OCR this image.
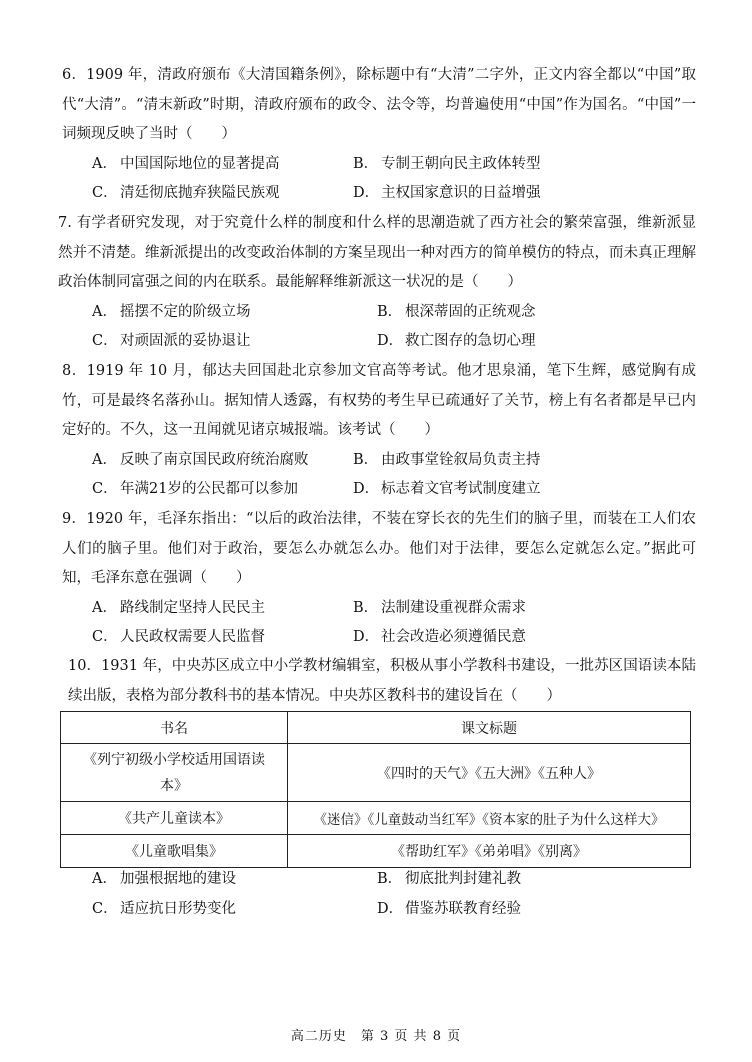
6．1909 年，清政府颁布《大清国籍条例》，除标题中有“大清”二字外，正文内容全都以“中国”取代“大清”。“清末新政”时期，清政府颁布的政令、法令等，均普遍使用“中国”作为国名。“中国”一词频现反映了当时（　　）

A． 中国国际地位的显著提高	B． 专制王朝向民主政体转型
C． 清廷彻底抛弃狭隘民族观	D． 主权国家意识的日益增强

7. 有学者研究发现，对于究竟什么样的制度和什么样的思潮造就了西方社会的繁荣富强，维新派显然并不清楚。维新派提出的改变政治体制的方案呈现出一种对西方的简单模仿的特点，而未真正理解政治体制同富强之间的内在联系。最能解释维新派这一状况的是（　　）

A． 摇摆不定的阶级立场	B． 根深蒂固的正统观念
C． 对顽固派的妥协退让	D． 救亡图存的急切心理

8．1919 年 10 月，郁达夫回国赴北京参加文官高等考试。他才思泉涌，笔下生辉，感觉胸有成竹，可是最终名落孙山。据知情人透露，有权势的考生早已疏通好了关节，榜上有名者都是早已内定好的。不久，这一丑闻就见诸京城报端。该考试（　　）

A． 反映了南京国民政府统治腐败	B． 由政事堂铨叙局负责主持
C． 年满21岁的公民都可以参加	D． 标志着文官考试制度建立

9．1920 年，毛泽东指出：“以后的政治法律，不装在穿长衣的先生们的脑子里，而装在工人们农人们的脑子里。他们对于政治，要怎么办就怎么办。他们对于法律，要怎么定就怎么定。”据此可知，毛泽东意在强调（　　）

A． 路线制定坚持人民民主	B． 法制建设重视群众需求
C． 人民政权需要人民监督	D． 社会改造必须遵循民意

10．1931 年，中央苏区成立中小学教材编辑室，积极从事小学教科书建设，一批苏区国语读本陆续出版，表格为部分教科书的基本情况。中央苏区教科书的建设旨在（　　）

书名	课文标题
《列宁初级小学校适用国语读本》	《四时的天气》《五大洲》《五种人》
《共产儿童读本》	《迷信》《儿童鼓动当红军》《资本家的肚子为什么这样大》
《儿童歌唱集》	《帮助红军》《弟弟唱》《别离》
A． 加强根据地的建设	B． 彻底批判封建礼教
C． 适应抗日形势变化	D． 借鉴苏联教育经验
高二历史　第 3 页 共 8 页
